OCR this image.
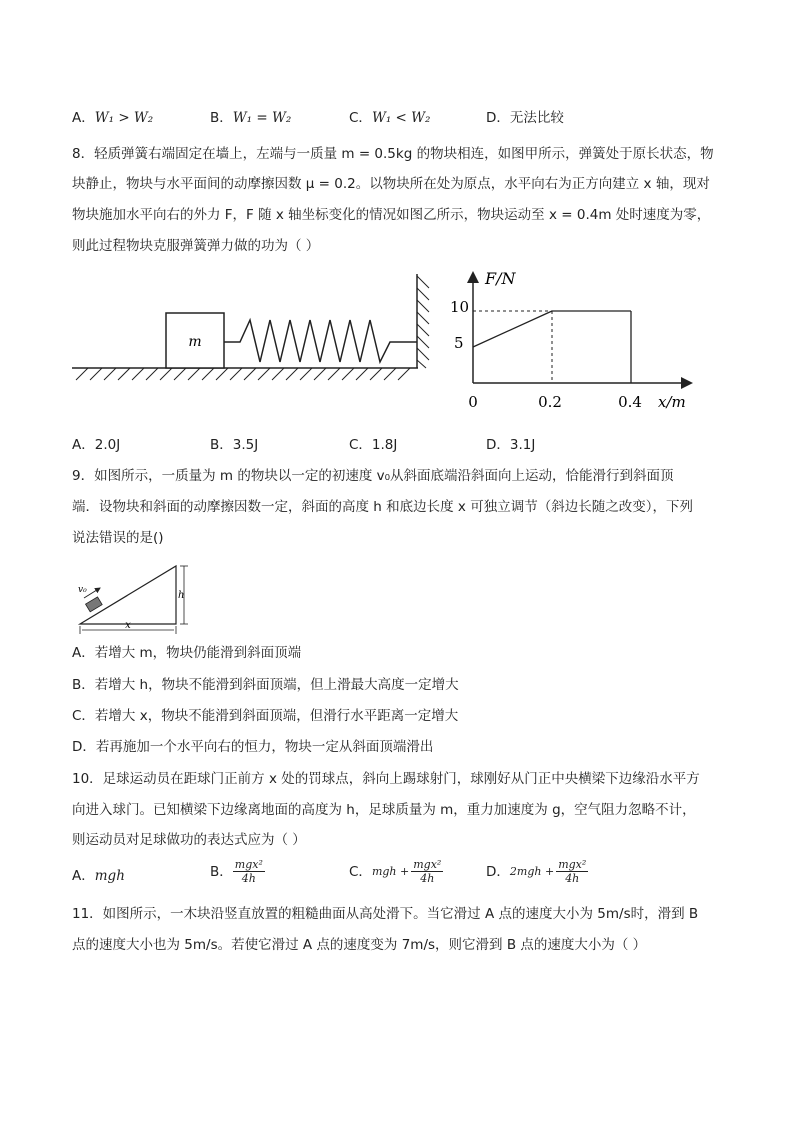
A．W₁ > W₂	B．W₁ = W₂	C．W₁ < W₂	D．无法比较
8．轻质弹簧右端固定在墙上，左端与一质量 m = 0.5kg 的物块相连，如图甲所示，弹簧处于原长状态，物
块静止，物块与水平面间的动摩擦因数 μ = 0.2。以物块所在处为原点，水平向右为正方向建立 x 轴，现对
物块施加水平向右的外力 F，F 随 x 轴坐标变化的情况如图乙所示，物块运动至 x = 0.4m 处时速度为零，
则此过程物块克服弹簧弹力做的功为（ ）
m
F/N
x/m
0
10
5
0.2	0.4
A．2.0J	B．3.5J	C．1.8J	D．3.1J
9．如图所示，一质量为 m 的物块以一定的初速度 v₀从斜面底端沿斜面向上运动，恰能滑行到斜面顶
端．设物块和斜面的动摩擦因数一定，斜面的高度 h 和底边长度 x 可独立调节（斜边长随之改变），下列
说法错误的是()
v₀	h
x
A．若增大 m，物块仍能滑到斜面顶端
B．若增大 h，物块不能滑到斜面顶端，但上滑最大高度一定增大
C．若增大 x，物块不能滑到斜面顶端，但滑行水平距离一定增大
D．若再施加一个水平向右的恒力，物块一定从斜面顶端滑出
10．足球运动员在距球门正前方 x 处的罚球点，斜向上踢球射门，球刚好从门正中央横梁下边缘沿水平方
向进入球门。已知横梁下边缘离地面的高度为 h，足球质量为 m，重力加速度为 g，空气阻力忽略不计，
则运动员对足球做功的表达式应为（ ）
A．mgh	B． $\frac{\text{mgx²}}{4h}$	C． mgh + $\frac{\text{mgx²}}{4h}$	D． $2mgh + \frac{\text{mgx²}}{4h}$
11．如图所示，一木块沿竖直放置的粗糙曲面从高处滑下。当它滑过 A 点的速度大小为 5m/s时，滑到 B
点的速度大小也为 5m/s。若使它滑过 A 点的速度变为 7m/s，则它滑到 B 点的速度大小为（ ）
